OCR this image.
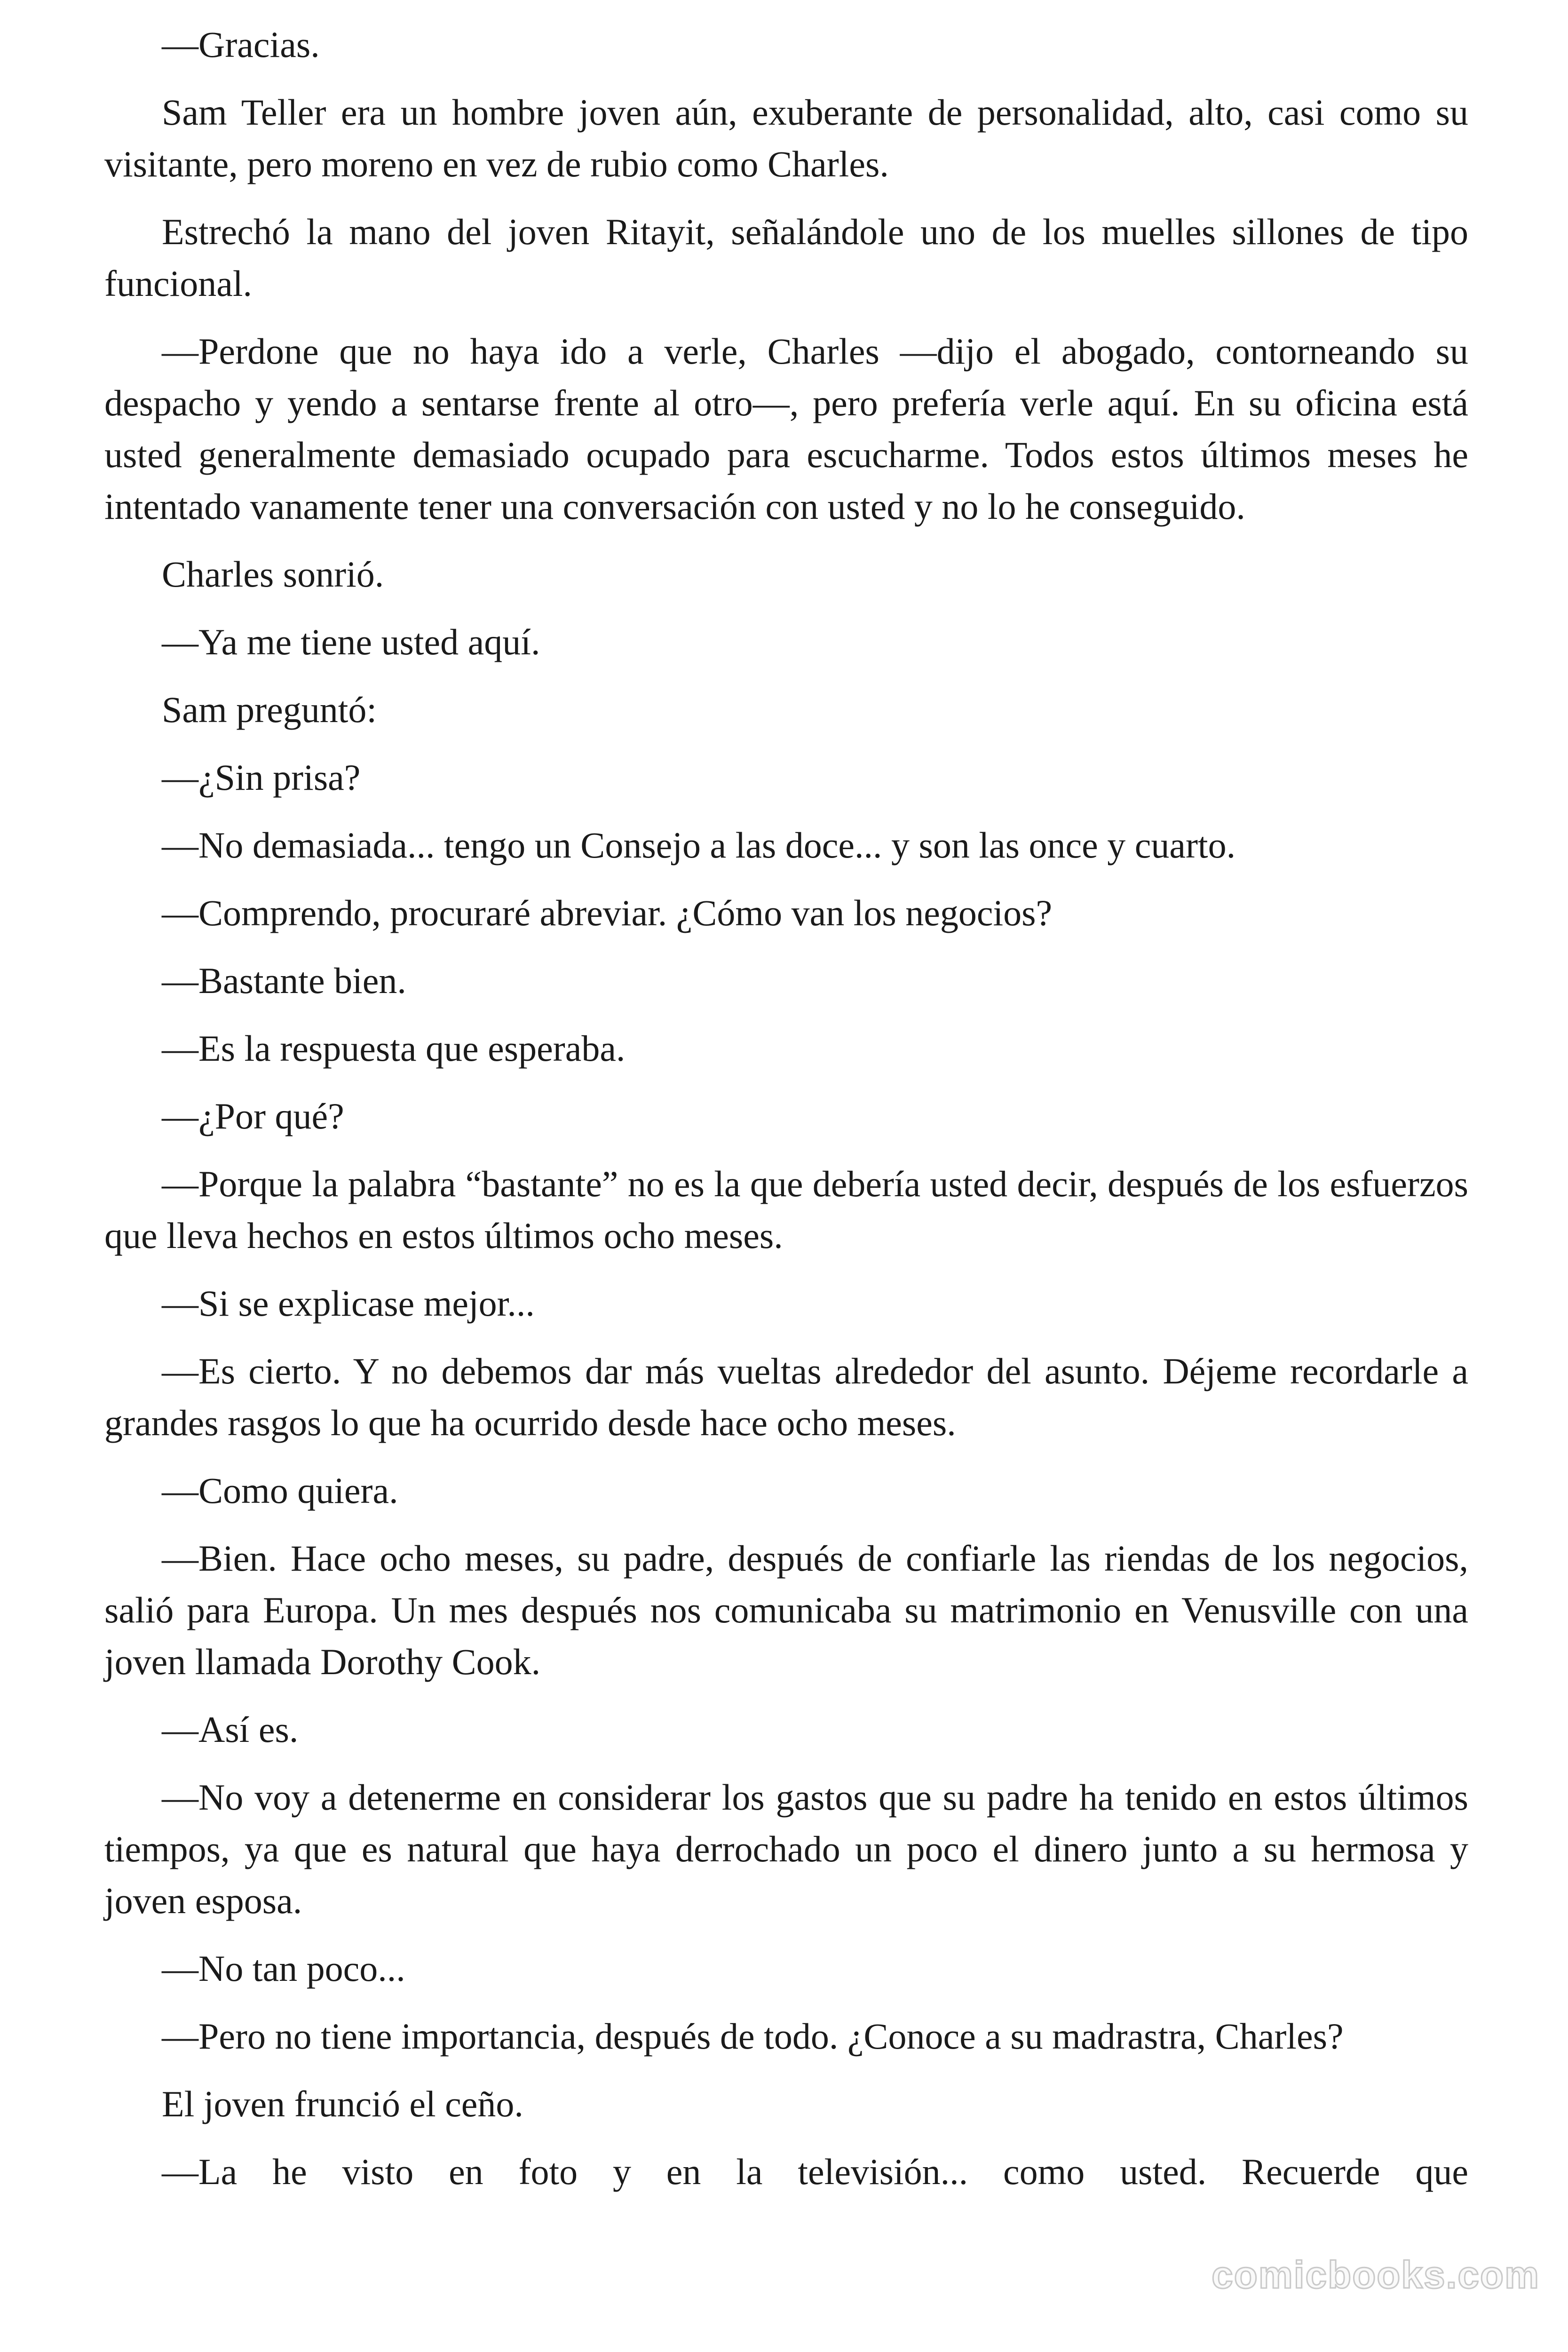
—Gracias.

Sam Teller era un hombre joven aún, exuberante de personalidad, alto, casi como su visitante, pero moreno en vez de rubio como Charles.

Estrechó la mano del joven Ritayit, señalándole uno de los muelles sillones de tipo funcional.

—Perdone que no haya ido a verle, Charles —dijo el abogado, contorneando su despacho y yendo a sentarse frente al otro—, pero prefería verle aquí. En su oficina está usted generalmente demasiado ocupado para escucharme. Todos estos últimos meses he intentado vanamente tener una conversación con usted y no lo he conseguido.

Charles sonrió.

—Ya me tiene usted aquí.

Sam preguntó:

—¿Sin prisa?

—No demasiada... tengo un Consejo a las doce... y son las once y cuarto.

—Comprendo, procuraré abreviar. ¿Cómo van los negocios?

—Bastante bien.

—Es la respuesta que esperaba.

—¿Por qué?

—Porque la palabra “bastante” no es la que debería usted decir, después de los esfuerzos que lleva hechos en estos últimos ocho meses.

—Si se explicase mejor...

—Es cierto. Y no debemos dar más vueltas alrededor del asunto. Déjeme recordarle a grandes rasgos lo que ha ocurrido desde hace ocho meses.

—Como quiera.

—Bien. Hace ocho meses, su padre, después de confiarle las riendas de los negocios, salió para Europa. Un mes después nos comunicaba su matrimonio en Venusville con una joven llamada Dorothy Cook.

—Así es.

—No voy a detenerme en considerar los gastos que su padre ha tenido en estos últimos tiempos, ya que es natural que haya derrochado un poco el dinero junto a su hermosa y joven esposa.

—No tan poco...

—Pero no tiene importancia, después de todo. ¿Conoce a su madrastra, Charles?

El joven frunció el ceño.

—La he visto en foto y en la televisión... como usted. Recuerde que

comicbooks.com
